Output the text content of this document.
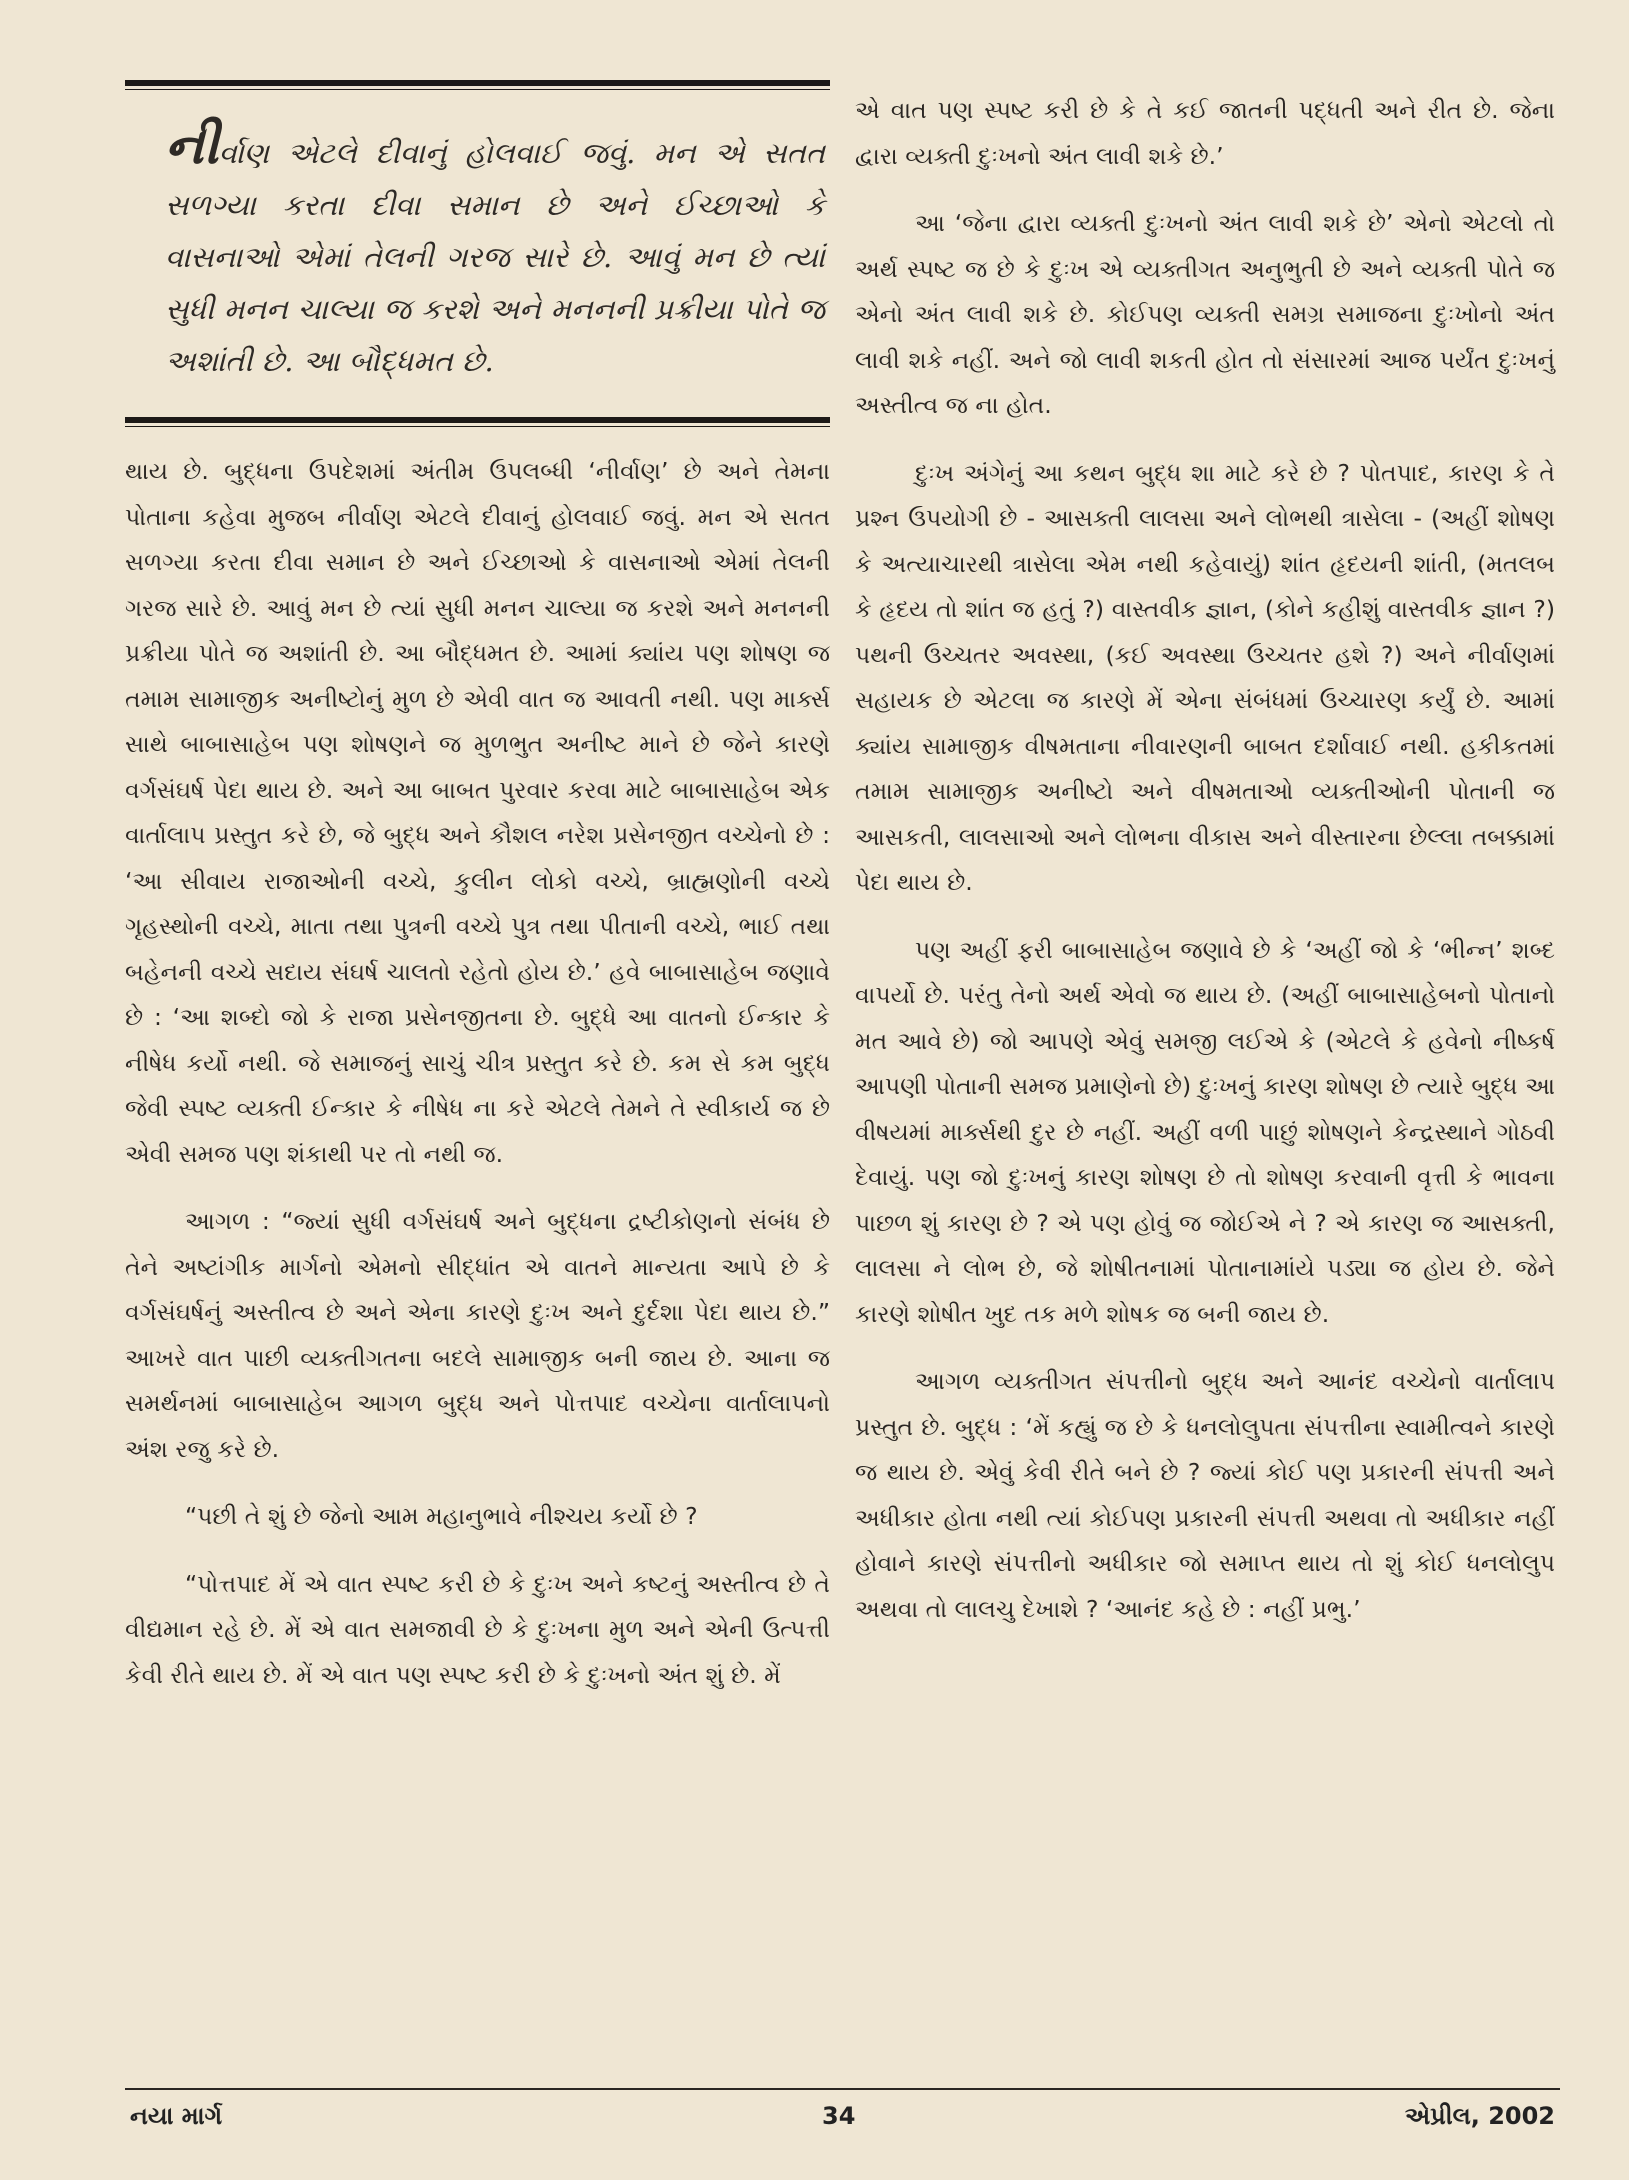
નીર્વાણ એટલે દીવાનું હોલવાઈ જવું. મન એ સતત સળગ્યા કરતા દીવા સમાન છે અને ઈચ્છાઓ કે વાસનાઓ એમાં તેલની ગરજ સારે છે. આવું મન છે ત્યાં સુધી મનન ચાલ્યા જ કરશે અને મનનની પ્રક્રીયા પોતે જ અશાંતી છે. આ બૌદ્ધમત છે.

થાય છે. બુદ્ધના ઉપદેશમાં અંતીમ ઉપલબ્ધી ‘નીર્વાણ’ છે અને તેમના પોતાના કહેવા મુજબ નીર્વાણ એટલે દીવાનું હોલવાઈ જવું. મન એ સતત સળગ્યા કરતા દીવા સમાન છે અને ઈચ્છાઓ કે વાસનાઓ એમાં તેલની ગરજ સારે છે. આવું મન છે ત્યાં સુધી મનન ચાલ્યા જ કરશે અને મનનની પ્રક્રીયા પોતે જ અશાંતી છે. આ બૌદ્ધમત છે. આમાં ક્યાંય પણ શોષણ જ તમામ સામાજીક અનીષ્ટોનું મુળ છે એવી વાત જ આવતી નથી. પણ માર્ક્સ સાથે બાબાસાહેબ પણ શોષણને જ મુળભુત અનીષ્ટ માને છે જેને કારણે વર્ગસંઘર્ષ પેદા થાય છે. અને આ બાબત પુરવાર કરવા માટે બાબાસાહેબ એક વાર્તાલાપ પ્રસ્તુત કરે છે, જે બુદ્ધ અને કૌશલ નરેશ પ્રસેનજીત વચ્ચેનો છે : ‘આ સીવાય રાજાઓની વચ્ચે, કુલીન લોકો વચ્ચે, બ્રાહ્મણોની વચ્ચે ગૃહસ્થોની વચ્ચે, માતા તથા પુત્રની વચ્ચે પુત્ર તથા પીતાની વચ્ચે, ભાઈ તથા બહેનની વચ્ચે સદાય સંઘર્ષ ચાલતો રહેતો હોય છે.’ હવે બાબાસાહેબ જણાવે છે : ‘આ શબ્દો જો કે રાજા પ્રસેનજીતના છે. બુદ્ધે આ વાતનો ઈન્કાર કે નીષેધ કર્યો નથી. જે સમાજનું સાચું ચીત્ર પ્રસ્તુત કરે છે. કમ સે કમ બુદ્ધ જેવી સ્પષ્ટ વ્યક્તી ઈન્કાર કે નીષેધ ના કરે એટલે તેમને તે સ્વીકાર્ય જ છે એવી સમજ પણ શંકાથી પર તો નથી જ.

આગળ : “જ્યાં સુધી વર્ગસંઘર્ષ અને બુદ્ધના દ્રષ્ટીકોણનો સંબંધ છે તેને અષ્ટાંગીક માર્ગનો એમનો સીદ્ધાંત એ વાતને માન્યતા આપે છે કે વર્ગસંઘર્ષનું અસ્તીત્વ છે અને એના કારણે દુઃખ અને દુર્દશા પેદા થાય છે.” આખરે વાત પાછી વ્યક્તીગતના બદલે સામાજીક બની જાય છે. આના જ સમર્થનમાં બાબાસાહેબ આગળ બુદ્ધ અને પોત્તપાદ વચ્ચેના વાર્તાલાપનો અંશ રજુ કરે છે.

“પછી તે શું છે જેનો આમ મહાનુભાવે નીશ્ચય કર્યો છે ?

“પોત્તપાદ મેં એ વાત સ્પષ્ટ કરી છે કે દુઃખ અને કષ્ટનું અસ્તીત્વ છે તે વીદ્યમાન રહે છે. મેં એ વાત સમજાવી છે કે દુઃખના મુળ અને એની ઉત્પત્તી કેવી રીતે થાય છે. મેં એ વાત પણ સ્પષ્ટ કરી છે કે દુઃખનો અંત શું છે. મેં

એ વાત પણ સ્પષ્ટ કરી છે કે તે કઈ જાતની પદ્ધતી અને રીત છે. જેના દ્વારા વ્યક્તી દુઃખનો અંત લાવી શકે છે.’

આ ‘જેના દ્વારા વ્યક્તી દુઃખનો અંત લાવી શકે છે’ એનો એટલો તો અર્થ સ્પષ્ટ જ છે કે દુઃખ એ વ્યક્તીગત અનુભુતી છે અને વ્યક્તી પોતે જ એનો અંત લાવી શકે છે. કોઈપણ વ્યક્તી સમગ્ર સમાજના દુઃખોનો અંત લાવી શકે નહીં. અને જો લાવી શકતી હોત તો સંસારમાં આજ પર્યંત દુઃખનું અસ્તીત્વ જ ના હોત.

દુઃખ અંગેનું આ કથન બુદ્ધ શા માટે કરે છે ? પોતપાદ, કારણ કે તે પ્રશ્ન ઉપયોગી છે - આસક્તી લાલસા અને લોભથી ત્રાસેલા - (અહીં શોષણ કે અત્યાચારથી ત્રાસેલા એમ નથી કહેવાયું) શાંત હૃદયની શાંતી, (મતલબ કે હૃદય તો શાંત જ હતું ?) વાસ્તવીક જ્ઞાન, (કોને કહીશું વાસ્તવીક જ્ઞાન ?) પથની ઉચ્ચતર અવસ્થા, (કઈ અવસ્થા ઉચ્ચતર હશે ?) અને નીર્વાણમાં સહાયક છે એટલા જ કારણે મેં એના સંબંધમાં ઉચ્ચારણ કર્યું છે. આમાં ક્યાંય સામાજીક વીષમતાના નીવારણની બાબત દર્શાવાઈ નથી. હકીકતમાં તમામ સામાજીક અનીષ્ટો અને વીષમતાઓ વ્યક્તીઓની પોતાની જ આસકતી, લાલસાઓ અને લોભના વીકાસ અને વીસ્તારના છેલ્લા તબક્કામાં પેદા થાય છે.

પણ અહીં ફરી બાબાસાહેબ જણાવે છે કે ‘અહીં જો કે ‘ભીન્ન’ શબ્દ વાપર્યો છે. પરંતુ તેનો અર્થ એવો જ થાય છે. (અહીં બાબાસાહેબનો પોતાનો મત આવે છે) જો આપણે એવું સમજી લઈએ કે (એટલે કે હવેનો નીષ્કર્ષ આપણી પોતાની સમજ પ્રમાણેનો છે) દુઃખનું કારણ શોષણ છે ત્યારે બુદ્ધ આ વીષયમાં માર્ક્સથી દુર છે નહીં. અહીં વળી પાછું શોષણને કેન્દ્રસ્થાને ગોઠવી દેવાયું. પણ જો દુઃખનું કારણ શોષણ છે તો શોષણ કરવાની વૃત્તી કે ભાવના પાછળ શું કારણ છે ? એ પણ હોવું જ જોઈએ ને ? એ કારણ જ આસક્તી, લાલસા ને લોભ છે, જે શોષીતનામાં પોતાનામાંયે પડ્યા જ હોય છે. જેને કારણે શોષીત ખુદ તક મળે શોષક જ બની જાય છે.

આગળ વ્યક્તીગત સંપત્તીનો બુદ્ધ અને આનંદ વચ્ચેનો વાર્તાલાપ પ્રસ્તુત છે. બુદ્ધ : ‘મેં કહ્યું જ છે કે ધનલોલુપતા સંપત્તીના સ્વામીત્વને કારણે જ થાય છે. એવું કેવી રીતે બને છે ? જ્યાં કોઈ પણ પ્રકારની સંપત્તી અને અધીકાર હોતા નથી ત્યાં કોઈપણ પ્રકારની સંપત્તી અથવા તો અધીકાર નહીં હોવાને કારણે સંપત્તીનો અધીકાર જો સમાપ્ત થાય તો શું કોઈ ધનલોલુપ અથવા તો લાલચુ દેખાશે ? ‘આનંદ કહે છે : નહીં પ્રભુ.’

નયા માર્ગ	34	એપ્રીલ, 2002
